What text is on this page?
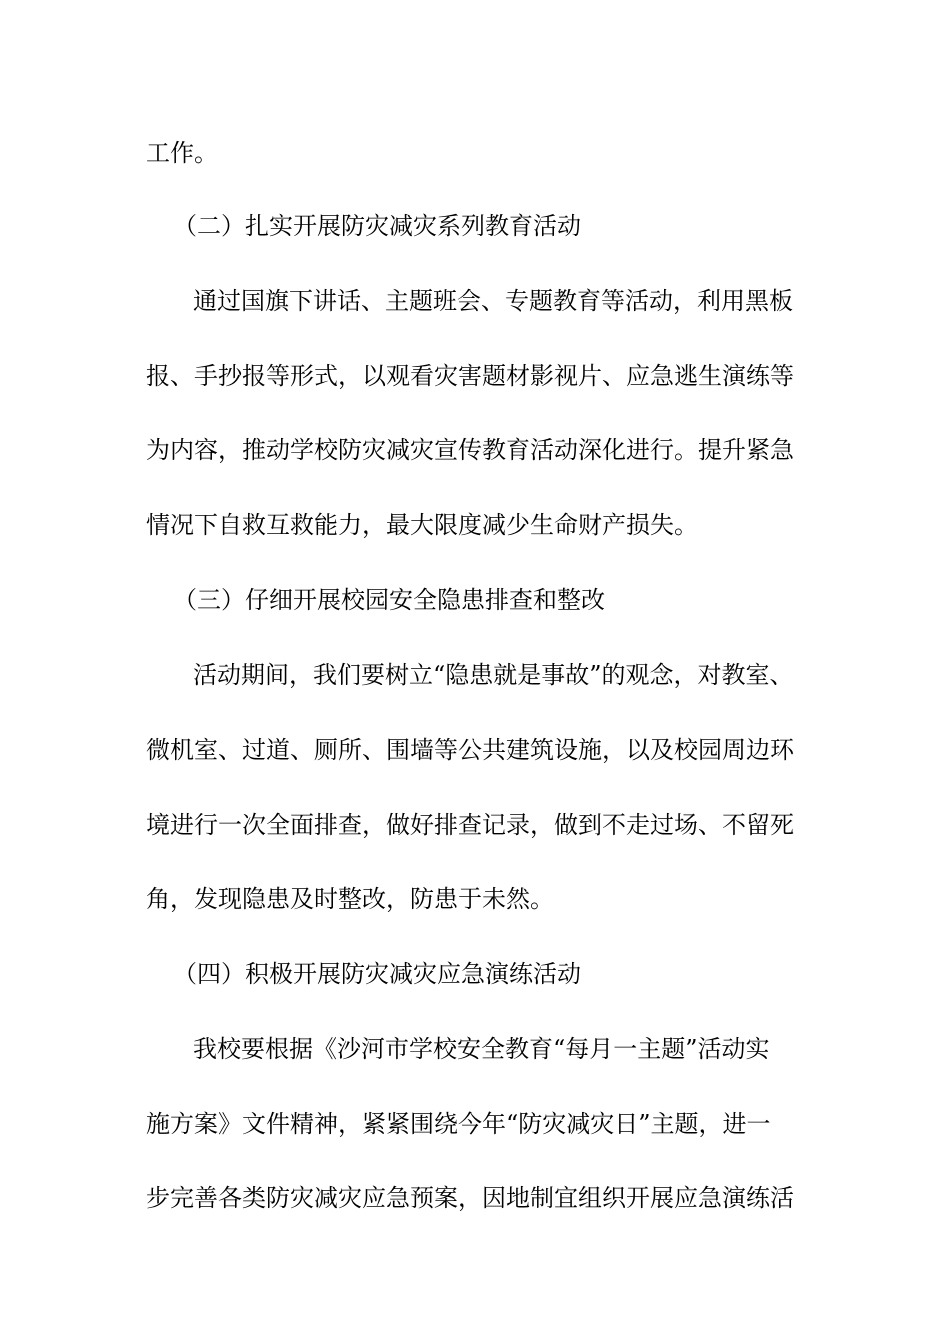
工作。
（二）扎实开展防灾减灾系列教育活动
通过国旗下讲话、主题班会、专题教育等活动，利用黑板
报、手抄报等形式，以观看灾害题材影视片、应急逃生演练等
为内容，推动学校防灾减灾宣传教育活动深化进行。提升紧急
情况下自救互救能力，最大限度减少生命财产损失。
（三）仔细开展校园安全隐患排查和整改
活动期间，我们要树立“隐患就是事故”的观念，对教室、
微机室、过道、厕所、围墙等公共建筑设施，以及校园周边环
境进行一次全面排查，做好排查记录，做到不走过场、不留死
角，发现隐患及时整改，防患于未然。
（四）积极开展防灾减灾应急演练活动
我校要根据《沙河市学校安全教育“每月一主题”活动实
施方案》文件精神，紧紧围绕今年“防灾减灾日”主题，进一
步完善各类防灾减灾应急预案，因地制宜组织开展应急演练活
